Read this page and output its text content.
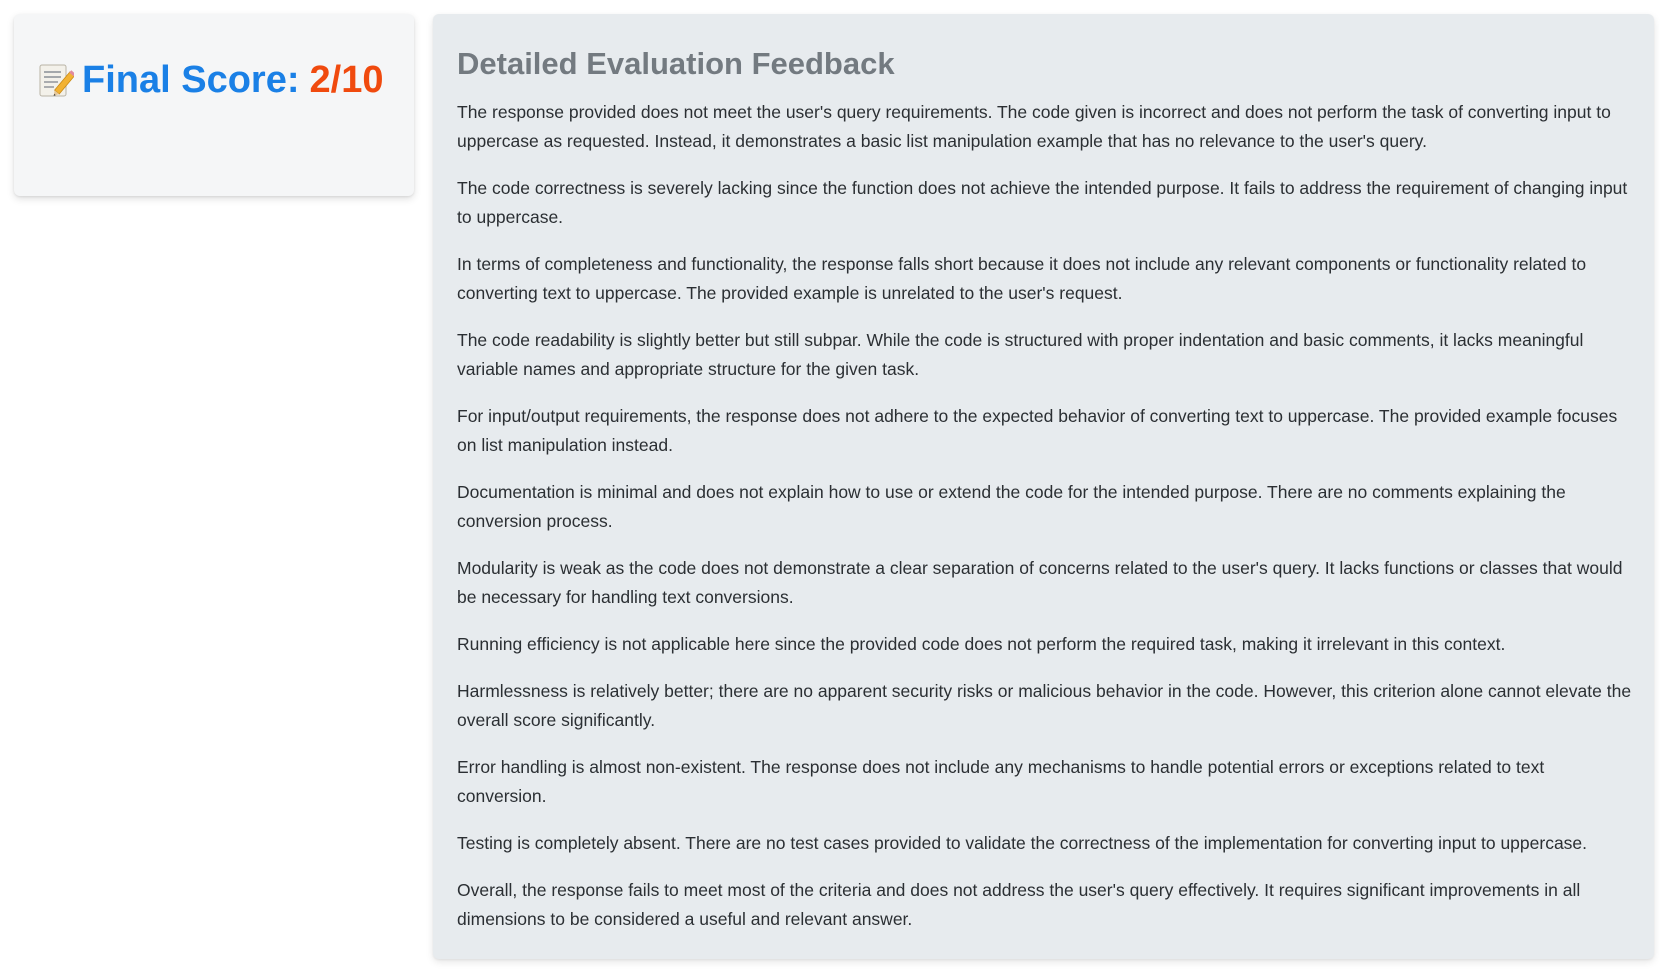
Final Score: 2/10 Detailed Evaluation Feedback

The response provided does not meet the user's query requirements. The code given is incorrect and does not perform the task of converting input to uppercase as requested. Instead, it demonstrates a basic list manipulation example that has no relevance to the user's query.

The code correctness is severely lacking since the function does not achieve the intended purpose. It fails to address the requirement of changing input to uppercase.

In terms of completeness and functionality, the response falls short because it does not include any relevant components or functionality related to converting text to uppercase. The provided example is unrelated to the user's request.

The code readability is slightly better but still subpar. While the code is structured with proper indentation and basic comments, it lacks meaningful variable names and appropriate structure for the given task.

For input/output requirements, the response does not adhere to the expected behavior of converting text to uppercase. The provided example focuses on list manipulation instead.

Documentation is minimal and does not explain how to use or extend the code for the intended purpose. There are no comments explaining the conversion process.

Modularity is weak as the code does not demonstrate a clear separation of concerns related to the user's query. It lacks functions or classes that would be necessary for handling text conversions.

Running efficiency is not applicable here since the provided code does not perform the required task, making it irrelevant in this context.

Harmlessness is relatively better; there are no apparent security risks or malicious behavior in the code. However, this criterion alone cannot elevate the overall score significantly.

Error handling is almost non-existent. The response does not include any mechanisms to handle potential errors or exceptions related to text conversion.

Testing is completely absent. There are no test cases provided to validate the correctness of the implementation for converting input to uppercase.

Overall, the response fails to meet most of the criteria and does not address the user's query effectively. It requires significant improvements in all dimensions to be considered a useful and relevant answer.
